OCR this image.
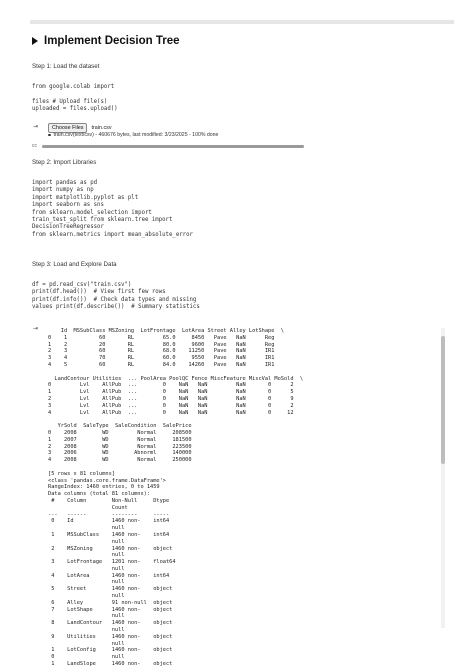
Implement Decision Tree
Step 1: Load the dataset
from google.colab import

files # Upload file(s)
uploaded = files.upload()
⇥	Choose Files	train.csv
train.csv(text/csv) - 460676 bytes, last modified: 3/23/2025 - 100% done
cc
Step 2: Import Libraries
import pandas as pd
import numpy as np
import matplotlib.pyplot as plt
import seaborn as sns
from sklearn.model_selection import
train_test_split from sklearn.tree import
DecisionTreeRegressor
from sklearn.metrics import mean_absolute_error
Step 3: Load and Explore Data
df = pd.read_csv("train.csv")
print(df.head())  # View first few rows
print(df.info())  # Check data types and missing
values print(df.describe())  # Summary statistics
⇥	Id  MSSubClass MSZoning  LotFrontage  LotArea Street Alley LotShape  \
0    1          60       RL         65.0     8450   Pave   NaN      Reg
1    2          20       RL         80.0     9600   Pave   NaN      Reg
2    3          60       RL         68.0    11250   Pave   NaN      IR1
3    4          70       RL         60.0     9550   Pave   NaN      IR1
4    5          60       RL         84.0    14260   Pave   NaN      IR1

LandContour Utilities  ... PoolArea PoolQC Fence MiscFeature MiscVal MoSold  \
0         Lvl    AllPub  ...        0    NaN   NaN         NaN       0      2
1         Lvl    AllPub  ...        0    NaN   NaN         NaN       0      5
2         Lvl    AllPub  ...        0    NaN   NaN         NaN       0      9
3         Lvl    AllPub  ...        0    NaN   NaN         NaN       0      2
4         Lvl    AllPub  ...        0    NaN   NaN         NaN       0     12

YrSold  SaleType  SaleCondition  SalePrice
0    2008        WD         Normal     208500
1    2007        WD         Normal     181500
2    2008        WD         Normal     223500
3    2006        WD        Abnorml     140000
4    2008        WD         Normal     250000

[5 rows x 81 columns]
<class 'pandas.core.frame.DataFrame'>
RangeIndex: 1460 entries, 0 to 1459
Data columns (total 81 columns):
#    Column        Non-Null     Dtype
Count
---   ------        --------     -----
0    Id            1460 non-    int64
null
1    MSSubClass    1460 non-    int64
null
2    MSZoning      1460 non-    object
null
3    LotFrontage   1201 non-    float64
null
4    LotArea       1460 non-    int64
null
5    Street        1460 non-    object
null
6    Alley         91 non-null  object
7    LotShape      1460 non-    object
null
8    LandContour   1460 non-    object
null
9    Utilities     1460 non-    object
null
1    LotConfig     1460 non-    object
0                  null
1    LandSlope     1460 non-    object
